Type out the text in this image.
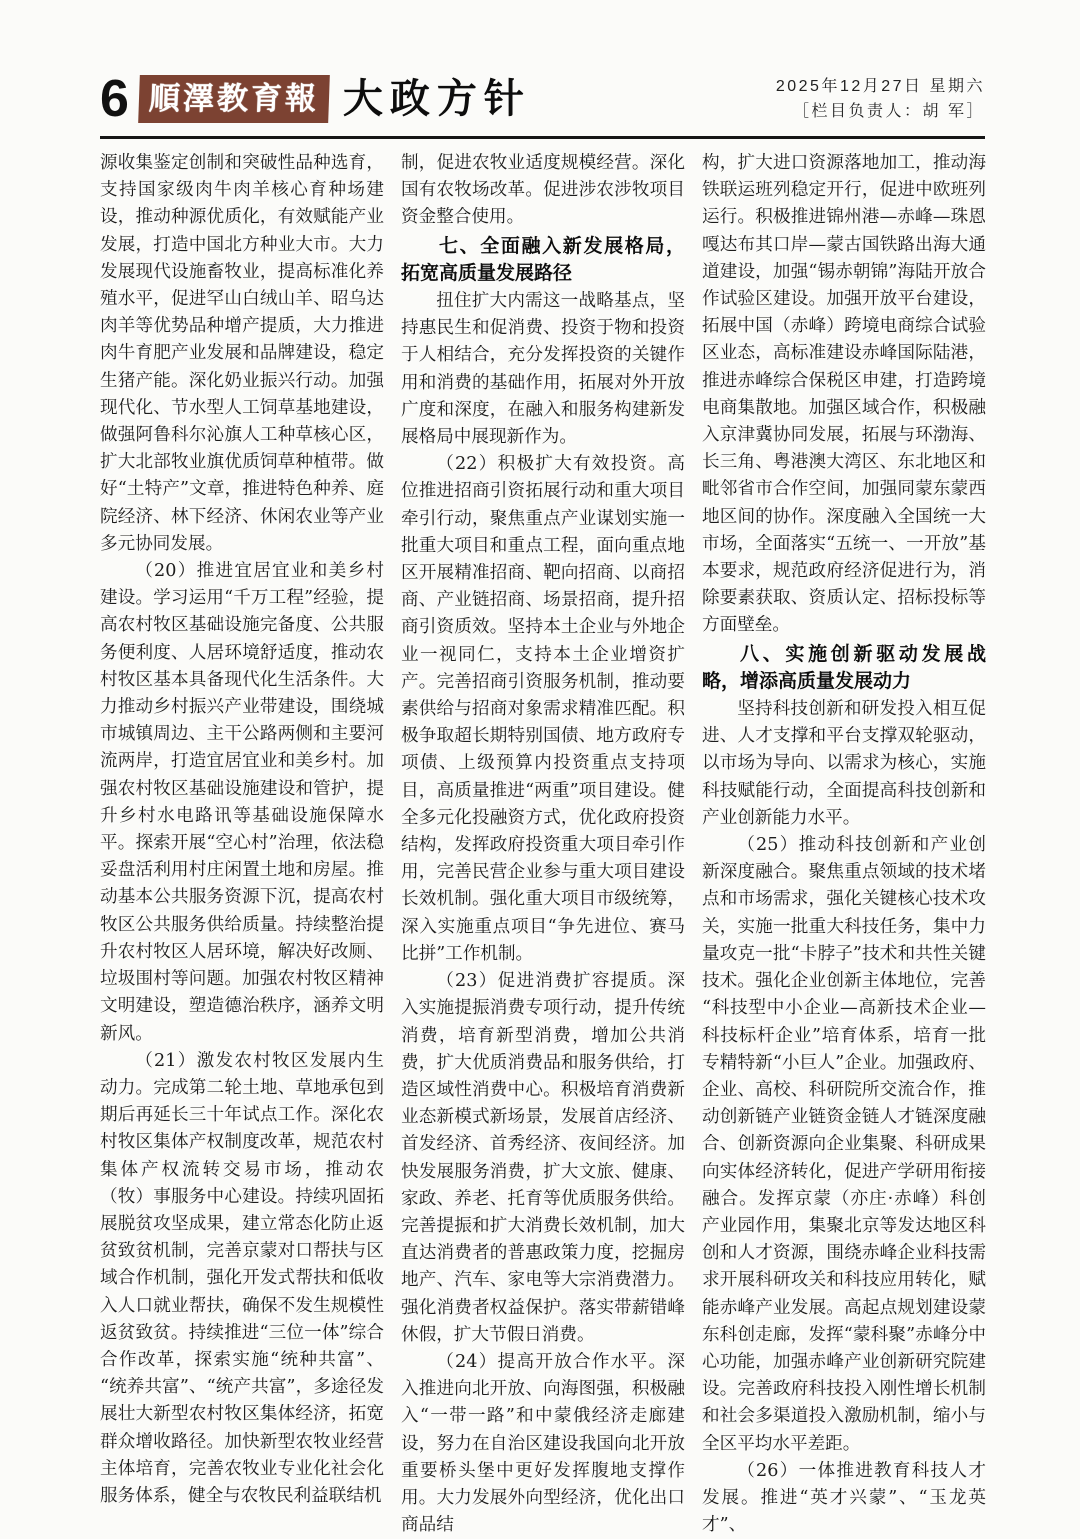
6 順澤教育報 大政方针	2025年12月27日 星期六
［栏目负责人：胡 军］

源收集鉴定创制和突破性品种选育，支持国家级肉牛肉羊核心育种场建设，推动种源优质化，有效赋能产业发展，打造中国北方种业大市。大力发展现代设施畜牧业，提高标准化养殖水平，促进罕山白绒山羊、昭乌达肉羊等优势品种增产提质，大力推进肉牛育肥产业发展和品牌建设，稳定生猪产能。深化奶业振兴行动。加强现代化、节水型人工饲草基地建设，做强阿鲁科尔沁旗人工种草核心区，扩大北部牧业旗优质饲草种植带。做好“土特产”文章，推进特色种养、庭院经济、林下经济、休闲农业等产业多元协同发展。

（20）推进宜居宜业和美乡村建设。学习运用“千万工程”经验，提高农村牧区基础设施完备度、公共服务便利度、人居环境舒适度，推动农村牧区基本具备现代化生活条件。大力推动乡村振兴产业带建设，围绕城市城镇周边、主干公路两侧和主要河流两岸，打造宜居宜业和美乡村。加强农村牧区基础设施建设和管护，提升乡村水电路讯等基础设施保障水平。探索开展“空心村”治理，依法稳妥盘活利用村庄闲置土地和房屋。推动基本公共服务资源下沉，提高农村牧区公共服务供给质量。持续整治提升农村牧区人居环境，解决好改厕、垃圾围村等问题。加强农村牧区精神文明建设，塑造德治秩序，涵养文明新风。

（21）激发农村牧区发展内生动力。完成第二轮土地、草地承包到期后再延长三十年试点工作。深化农村牧区集体产权制度改革，规范农村集体产权流转交易市场，推动农（牧）事服务中心建设。持续巩固拓展脱贫攻坚成果，建立常态化防止返贫致贫机制，完善京蒙对口帮扶与区域合作机制，强化开发式帮扶和低收入人口就业帮扶，确保不发生规模性返贫致贫。持续推进“三位一体”综合合作改革，探索实施“统种共富”、“统养共富”、“统产共富”，多途径发展壮大新型农村牧区集体经济，拓宽群众增收路径。加快新型农牧业经营主体培育，完善农牧业专业化社会化服务体系，健全与农牧民利益联结机

制，促进农牧业适度规模经营。深化国有农牧场改革。促进涉农涉牧项目资金整合使用。

七、全面融入新发展格局，拓宽高质量发展路径

扭住扩大内需这一战略基点，坚持惠民生和促消费、投资于物和投资于人相结合，充分发挥投资的关键作用和消费的基础作用，拓展对外开放广度和深度，在融入和服务构建新发展格局中展现新作为。

（22）积极扩大有效投资。高位推进招商引资拓展行动和重大项目牵引行动，聚焦重点产业谋划实施一批重大项目和重点工程，面向重点地区开展精准招商、靶向招商、以商招商、产业链招商、场景招商，提升招商引资质效。坚持本土企业与外地企业一视同仁，支持本土企业增资扩产。完善招商引资服务机制，推动要素供给与招商对象需求精准匹配。积极争取超长期特别国债、地方政府专项债、上级预算内投资重点支持项目，高质量推进“两重”项目建设。健全多元化投融资方式，优化政府投资结构，发挥政府投资重大项目牵引作用，完善民营企业参与重大项目建设长效机制。强化重大项目市级统筹，深入实施重点项目“争先进位、赛马比拼”工作机制。

（23）促进消费扩容提质。深入实施提振消费专项行动，提升传统消费，培育新型消费，增加公共消费，扩大优质消费品和服务供给，打造区域性消费中心。积极培育消费新业态新模式新场景，发展首店经济、首发经济、首秀经济、夜间经济。加快发展服务消费，扩大文旅、健康、家政、养老、托育等优质服务供给。完善提振和扩大消费长效机制，加大直达消费者的普惠政策力度，挖掘房地产、汽车、家电等大宗消费潜力。强化消费者权益保护。落实带薪错峰休假，扩大节假日消费。

（24）提高开放合作水平。深入推进向北开放、向海图强，积极融入“一带一路”和中蒙俄经济走廊建设，努力在自治区建设我国向北开放重要桥头堡中更好发挥腹地支撑作用。大力发展外向型经济，优化出口商品结

构，扩大进口资源落地加工，推动海铁联运班列稳定开行，促进中欧班列运行。积极推进锦州港—赤峰—珠恩嘎达布其口岸—蒙古国铁路出海大通道建设，加强“锡赤朝锦”海陆开放合作试验区建设。加强开放平台建设，拓展中国（赤峰）跨境电商综合试验区业态，高标准建设赤峰国际陆港，推进赤峰综合保税区申建，打造跨境电商集散地。加强区域合作，积极融入京津冀协同发展，拓展与环渤海、长三角、粤港澳大湾区、东北地区和毗邻省市合作空间，加强同蒙东蒙西地区间的协作。深度融入全国统一大市场，全面落实“五统一、一开放”基本要求，规范政府经济促进行为，消除要素获取、资质认定、招标投标等方面壁垒。

八、实施创新驱动发展战略，增添高质量发展动力

坚持科技创新和研发投入相互促进、人才支撑和平台支撑双轮驱动，以市场为导向、以需求为核心，实施科技赋能行动，全面提高科技创新和产业创新能力水平。

（25）推动科技创新和产业创新深度融合。聚焦重点领域的技术堵点和市场需求，强化关键核心技术攻关，实施一批重大科技任务，集中力量攻克一批“卡脖子”技术和共性关键技术。强化企业创新主体地位，完善“科技型中小企业—高新技术企业—科技标杆企业”培育体系，培育一批专精特新“小巨人”企业。加强政府、企业、高校、科研院所交流合作，推动创新链产业链资金链人才链深度融合、创新资源向企业集聚、科研成果向实体经济转化，促进产学研用衔接融合。发挥京蒙（亦庄·赤峰）科创产业园作用，集聚北京等发达地区科创和人才资源，围绕赤峰企业科技需求开展科研攻关和科技应用转化，赋能赤峰产业发展。高起点规划建设蒙东科创走廊，发挥“蒙科聚”赤峰分中心功能，加强赤峰产业创新研究院建设。完善政府科技投入刚性增长机制和社会多渠道投入激励机制，缩小与全区平均水平差距。

（26）一体推进教育科技人才发展。推进“英才兴蒙”、“玉龙英才”、
